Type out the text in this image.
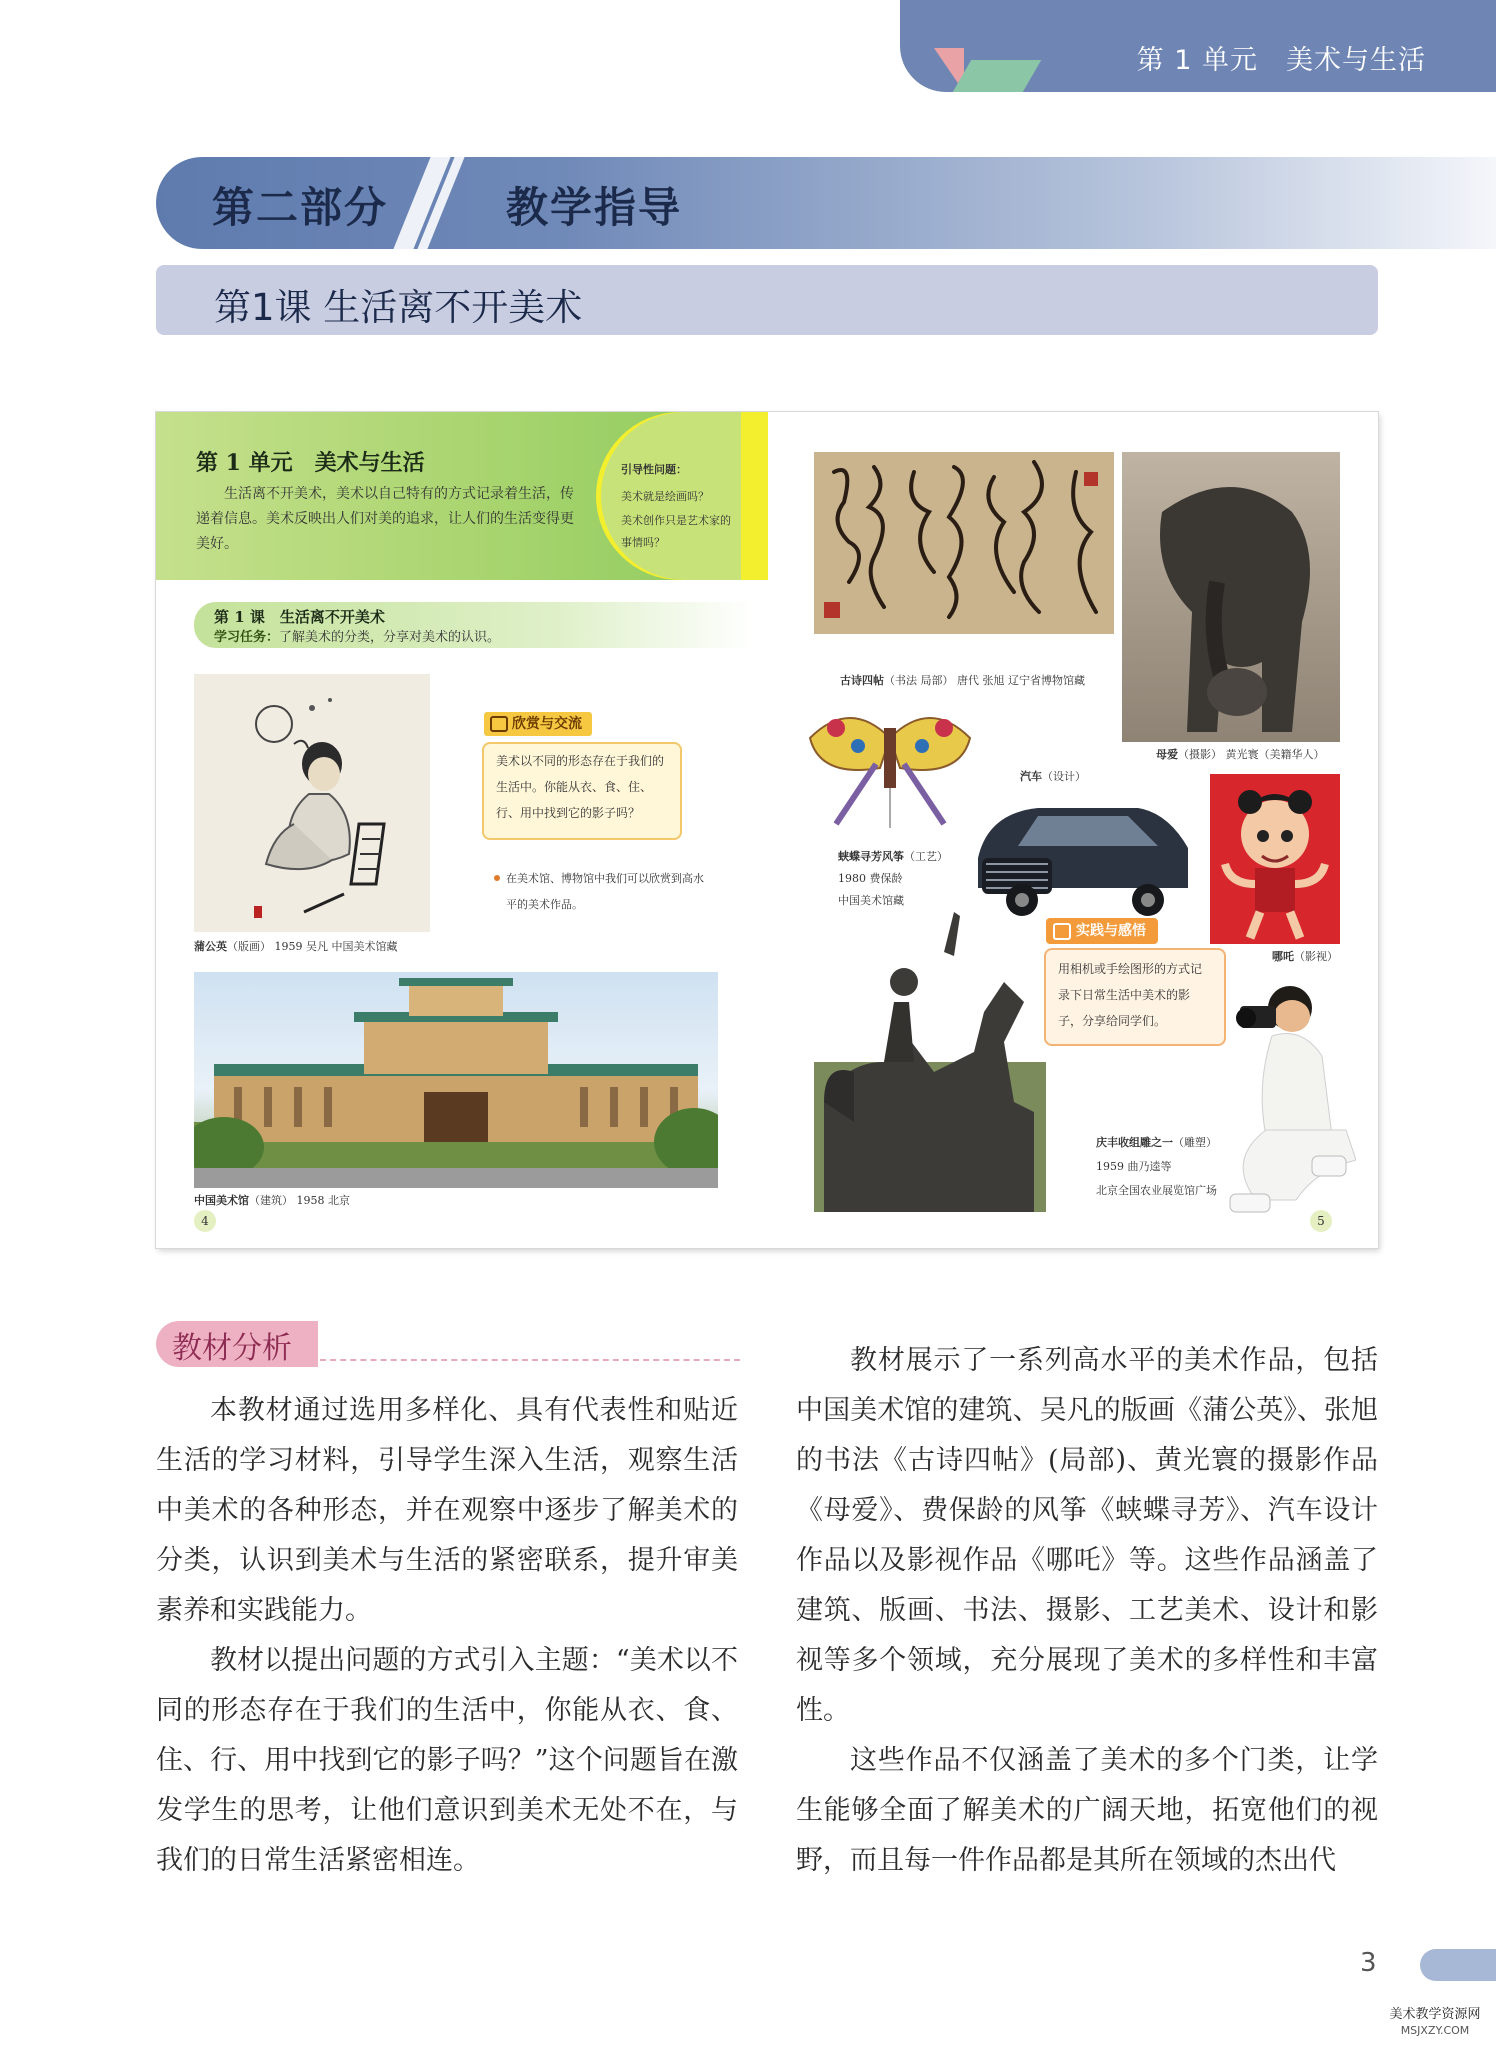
第 1 单元　美术与生活
第二部分	教学指导
第1课 生活离不开美术
第 1 单元　美术与生活
生活离不开美术，美术以自己特有的方式记录着生活，传递着信息。美术反映出人们对美的追求，让人们的生活变得更美好。
引导性问题：
美术就是绘画吗？
美术创作只是艺术家的事情吗？
第 1 课　生活离不开美术
学习任务：了解美术的分类，分享对美术的认识。
蒲公英（版画） 1959 吴凡 中国美术馆藏
欣赏与交流
美术以不同的形态存在于我们的生活中。你能从衣、食、住、行、用中找到它的影子吗？
在美术馆、博物馆中我们可以欣赏到高水平的美术作品。
中国美术馆（建筑） 1958 北京
4
古诗四帖（书法 局部） 唐代 张旭 辽宁省博物馆藏
母爱（摄影） 黄光寰（美籍华人）
蛱蝶寻芳风筝（工艺）
1980 费保龄
中国美术馆藏
汽车（设计）
哪吒（影视）
庆丰收组雕之一（雕塑）
1959 曲乃逵等
北京全国农业展览馆广场
实践与感悟
用相机或手绘图形的方式记录下日常生活中美术的影子，分享给同学们。
5
教材分析

本教材通过选用多样化、具有代表性和贴近生活的学习材料，引导学生深入生活，观察生活中美术的各种形态，并在观察中逐步了解美术的分类，认识到美术与生活的紧密联系，提升审美素养和实践能力。

教材以提出问题的方式引入主题：“美术以不同的形态存在于我们的生活中，你能从衣、食、住、行、用中找到它的影子吗？”这个问题旨在激发学生的思考，让他们意识到美术无处不在，与我们的日常生活紧密相连。

教材展示了一系列高水平的美术作品，包括中国美术馆的建筑、吴凡的版画《蒲公英》、张旭的书法《古诗四帖》(局部)、黄光寰的摄影作品《母爱》、费保龄的风筝《蛱蝶寻芳》、汽车设计作品以及影视作品《哪吒》等。这些作品涵盖了建筑、版画、书法、摄影、工艺美术、设计和影视等多个领域，充分展现了美术的多样性和丰富性。

这些作品不仅涵盖了美术的多个门类，让学生能够全面了解美术的广阔天地，拓宽他们的视野，而且每一件作品都是其所在领域的杰出代

3
美术教学资源网
MSJXZY.COM
